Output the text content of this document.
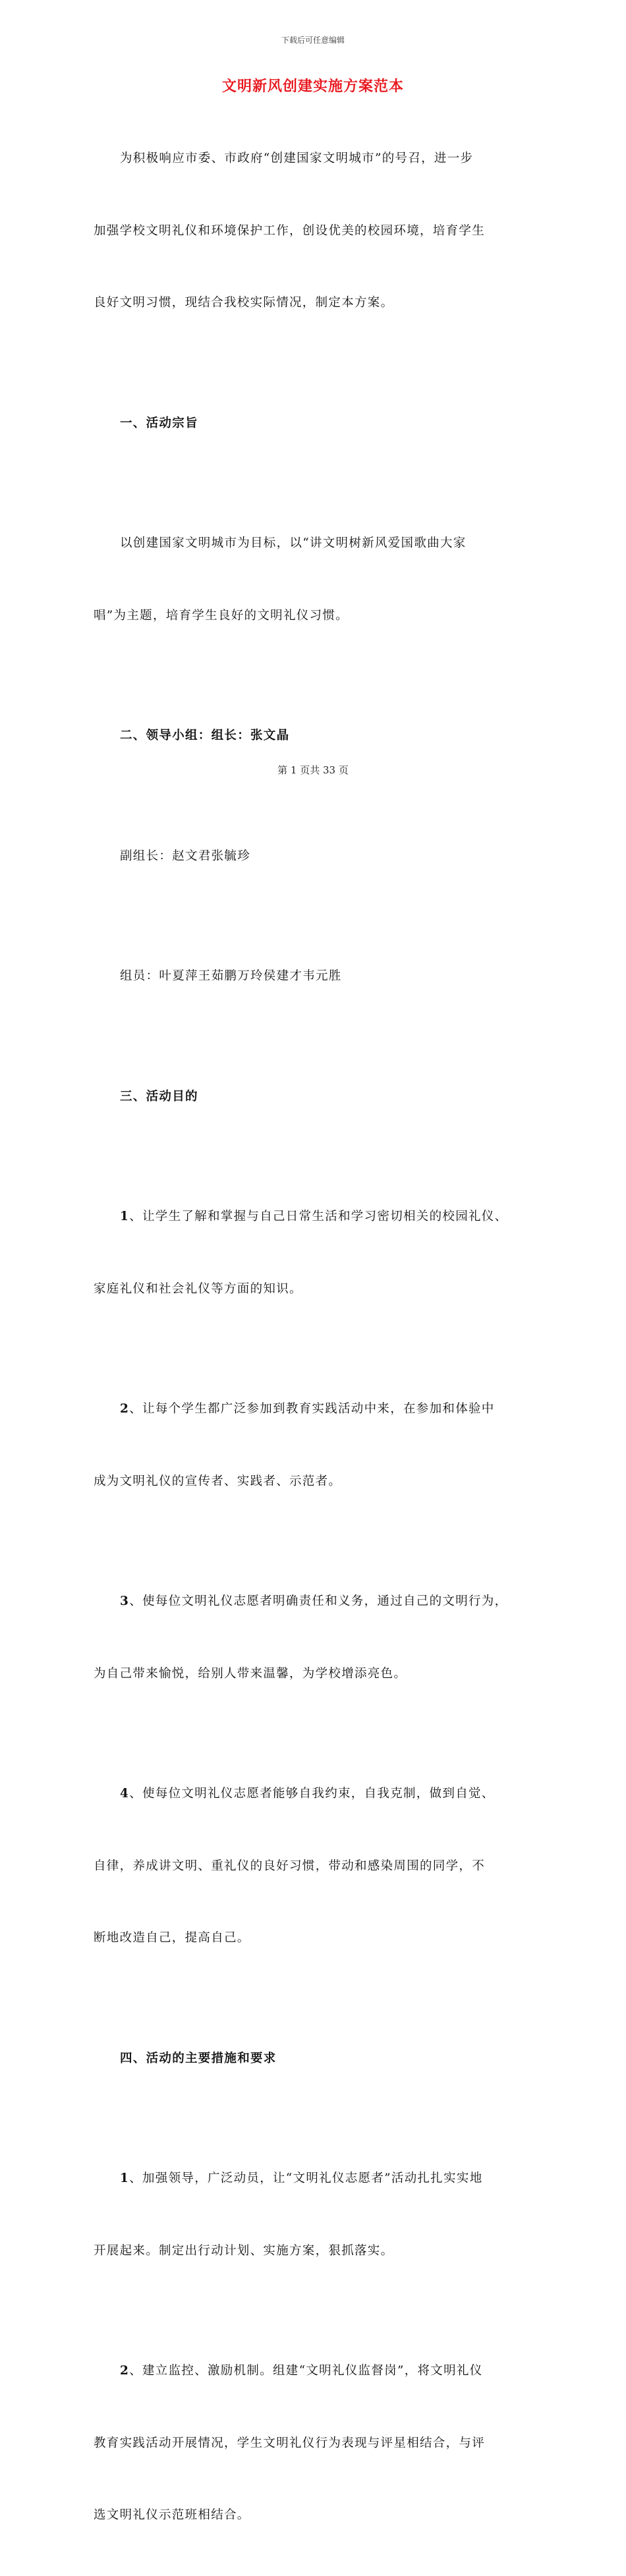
下载后可任意编辑
文明新风创建实施方案范本

为积极响应市委、市政府“创建国家文明城市”的号召，进一步

加强学校文明礼仪和环境保护工作，创设优美的校园环境，培育学生

良好文明习惯，现结合我校实际情况，制定本方案。

一、活动宗旨

以创建国家文明城市为目标，以“讲文明树新风爱国歌曲大家

唱”为主题，培育学生良好的文明礼仪习惯。

二、领导小组：组长：张文晶

副组长：赵文君张毓珍

组员：叶夏萍王茹鹏万玲侯建才韦元胜

三、活动目的

1、让学生了解和掌握与自己日常生活和学习密切相关的校园礼仪、

家庭礼仪和社会礼仪等方面的知识。

2、让每个学生都广泛参加到教育实践活动中来，在参加和体验中

成为文明礼仪的宣传者、实践者、示范者。

3、使每位文明礼仪志愿者明确责任和义务，通过自己的文明行为，

为自己带来愉悦，给别人带来温馨，为学校增添亮色。

4、使每位文明礼仪志愿者能够自我约束，自我克制，做到自觉、

自律，养成讲文明、重礼仪的良好习惯，带动和感染周围的同学，不

断地改造自己，提高自己。

四、活动的主要措施和要求

1、加强领导，广泛动员，让“文明礼仪志愿者”活动扎扎实实地

开展起来。制定出行动计划、实施方案，狠抓落实。

2、建立监控、激励机制。组建“文明礼仪监督岗”，将文明礼仪

教育实践活动开展情况，学生文明礼仪行为表现与评星相结合，与评

选文明礼仪示范班相结合。

第 1 页共 33 页
